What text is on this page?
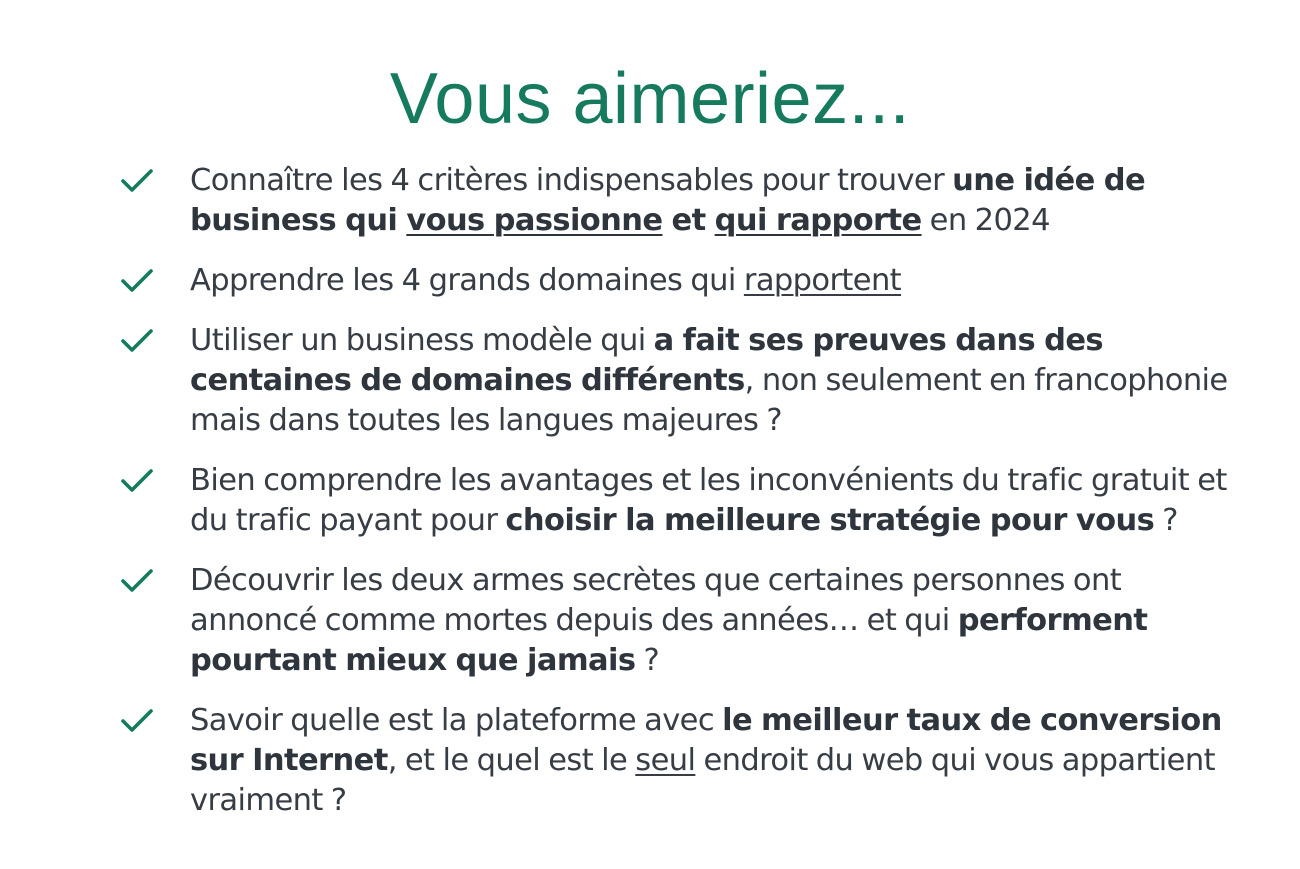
Vous aimeriez...
Connaître les 4 critères indispensables pour trouver une idée de business qui vous passionne et qui rapporte en 2024
Apprendre les 4 grands domaines qui rapportent
Utiliser un business modèle qui a fait ses preuves dans des centaines de domaines différents, non seulement en francophonie mais dans toutes les langues majeures ?
Bien comprendre les avantages et les inconvénients du trafic gratuit et du trafic payant pour choisir la meilleure stratégie pour vous ?
Découvrir les deux armes secrètes que certaines personnes ont annoncé comme mortes depuis des années… et qui performent pourtant mieux que jamais ?
Savoir quelle est la plateforme avec le meilleur taux de conversion sur Internet, et le quel est le seul endroit du web qui vous appartient vraiment ?
